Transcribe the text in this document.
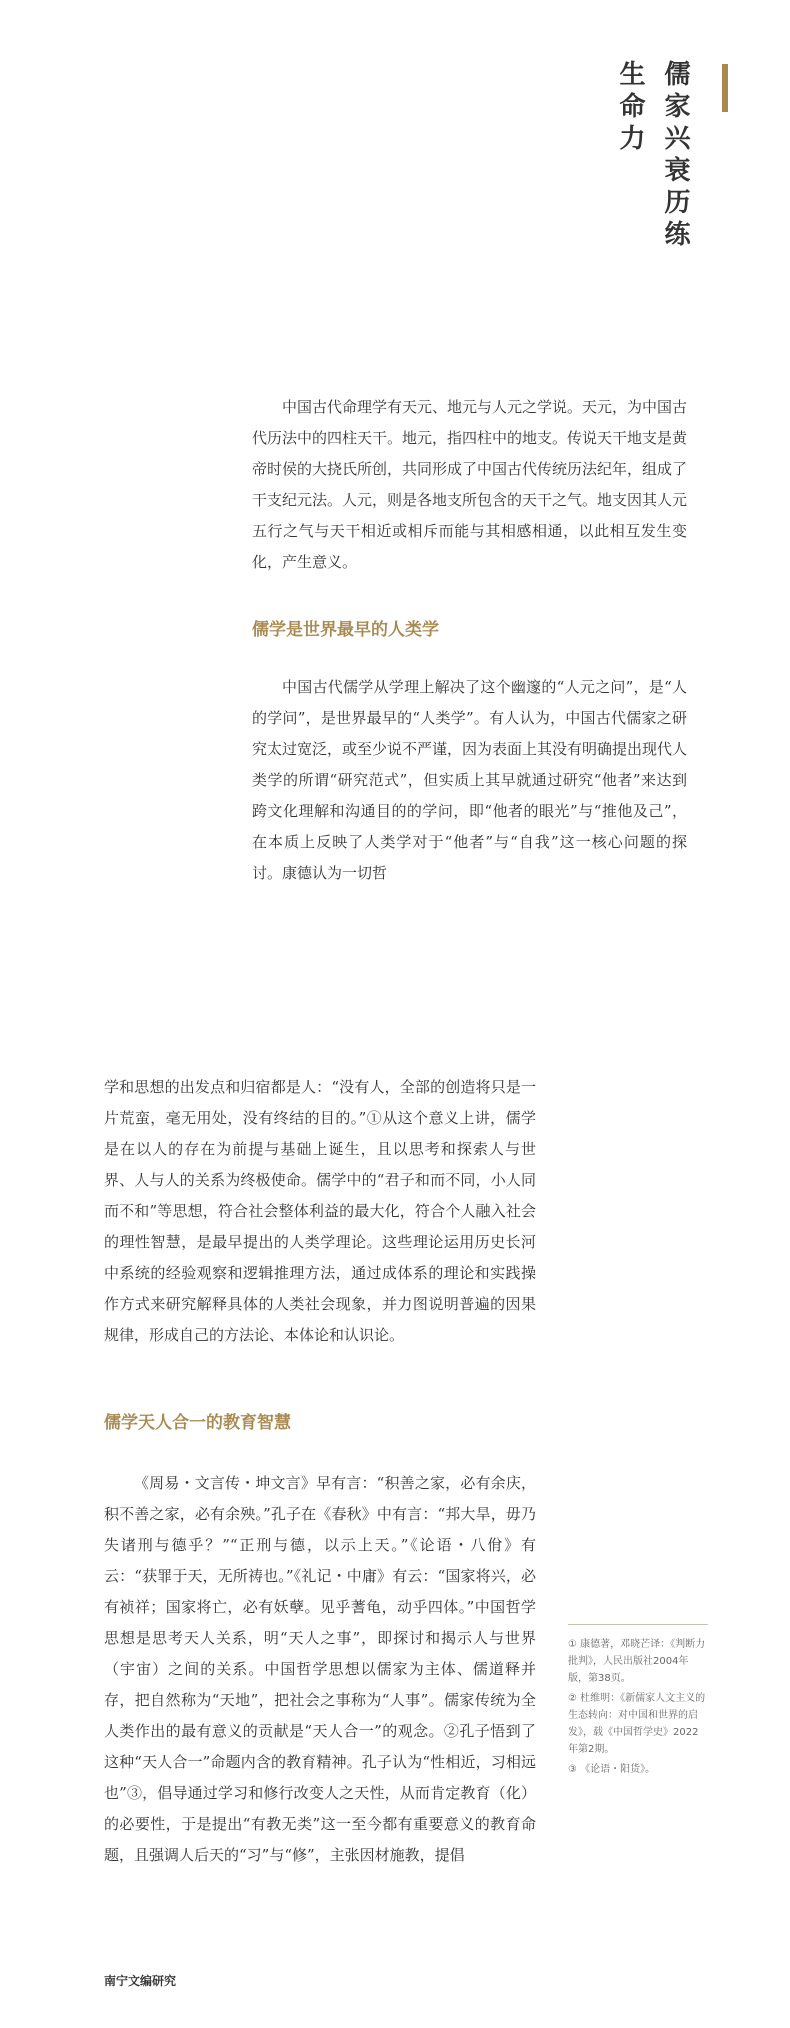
生命力 儒家兴衰历练

中国古代命理学有天元、地元与人元之学说。天元，为中国古代历法中的四柱天干。地元，指四柱中的地支。传说天干地支是黄帝时侯的大挠氏所创，共同形成了中国古代传统历法纪年，组成了干支纪元法。人元，则是各地支所包含的天干之气。地支因其人元五行之气与天干相近或相斥而能与其相感相通，以此相互发生变化，产生意义。

儒学是世界最早的人类学

中国古代儒学从学理上解决了这个幽邃的“人元之问”，是“人的学问”，是世界最早的“人类学”。有人认为，中国古代儒家之研究太过宽泛，或至少说不严谨，因为表面上其没有明确提出现代人类学的所谓“研究范式”，但实质上其早就通过研究“他者”来达到跨文化理解和沟通目的的学问，即“他者的眼光”与“推他及己”，在本质上反映了人类学对于“他者”与“自我”这一核心问题的探讨。康德认为一切哲

学和思想的出发点和归宿都是人：“没有人，全部的创造将只是一片荒蛮，毫无用处，没有终结的目的。”①从这个意义上讲，儒学是在以人的存在为前提与基础上诞生，且以思考和探索人与世界、人与人的关系为终极使命。儒学中的“君子和而不同，小人同而不和”等思想，符合社会整体利益的最大化，符合个人融入社会的理性智慧，是最早提出的人类学理论。这些理论运用历史长河中系统的经验观察和逻辑推理方法，通过成体系的理论和实践操作方式来研究解释具体的人类社会现象，并力图说明普遍的因果规律，形成自己的方法论、本体论和认识论。

儒学天人合一的教育智慧

《周易・文言传・坤文言》早有言：“积善之家，必有余庆，积不善之家，必有余殃。”孔子在《春秋》中有言：“邦大旱，毋乃失诸刑与德乎？”“正刑与德，以示上天。”《论语・八佾》有云：“获罪于天，无所祷也。”《礼记・中庸》有云：“国家将兴，必有祯祥；国家将亡，必有妖孽。见乎蓍龟，动乎四体。”中国哲学思想是思考天人关系，明“天人之事”，即探讨和揭示人与世界（宇宙）之间的关系。中国哲学思想以儒家为主体、儒道释并存，把自然称为“天地”，把社会之事称为“人事”。儒家传统为全人类作出的最有意义的贡献是“天人合一”的观念。②孔子悟到了这种“天人合一”命题内含的教育精神。孔子认为“性相近，习相远也”③，倡导通过学习和修行改变人之天性，从而肯定教育（化）的必要性，于是提出“有教无类”这一至今都有重要意义的教育命题，且强调人后天的“习”与“修”，主张因材施教，提倡

① 康德著，邓晓芒译：《判断力批判》，人民出版社2004年版，第38页。

② 杜维明：《新儒家人文主义的生态转向：对中国和世界的启发》，载《中国哲学史》2022年第2期。

③ 《论语・阳货》。

南宁文编研究
